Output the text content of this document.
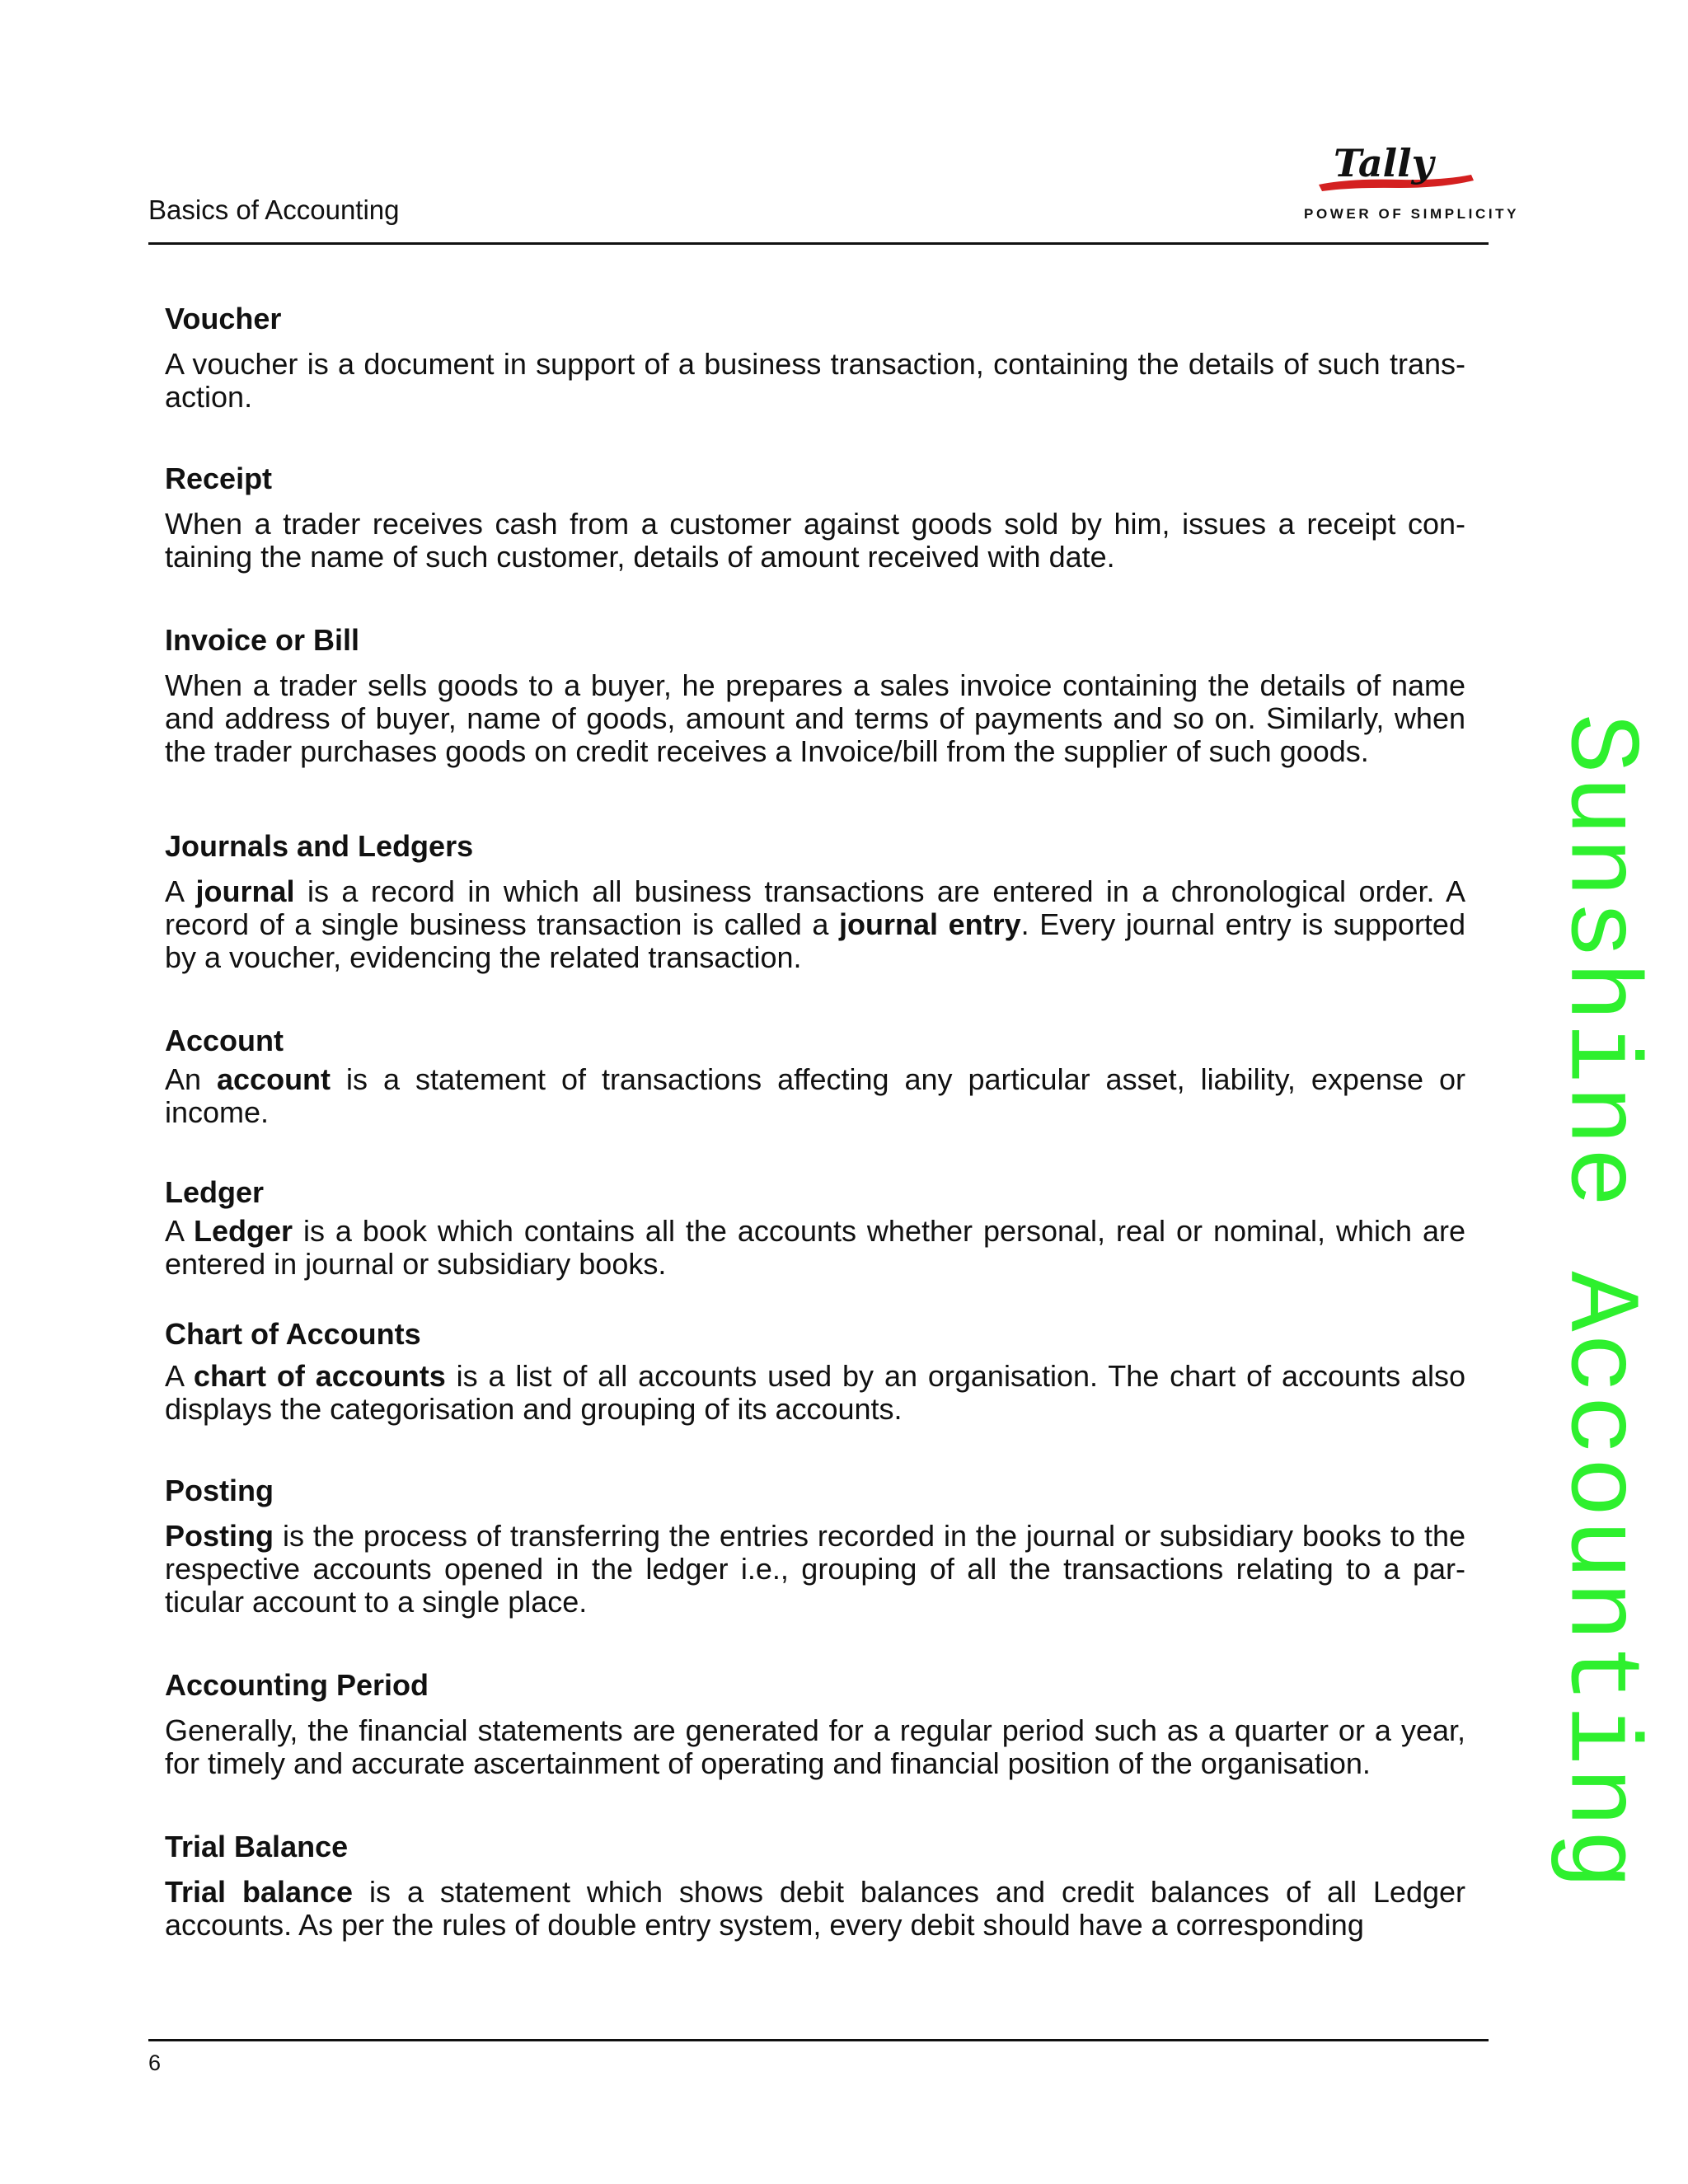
Basics of Accounting
Tally
POWER OF SIMPLICITY
Voucher

A voucher is a document in support of a business transaction, containing the details of such trans-action.

Receipt

When a trader receives cash from a customer against goods sold by him, issues a receipt con-taining the name of such customer, details of amount received with date.

Invoice or Bill

When a trader sells goods to a buyer, he prepares a sales invoice containing the details of name and address of buyer, name of goods, amount and terms of payments and so on. Similarly, when the trader purchases goods on credit receives a Invoice/bill from the supplier of such goods.

Journals and Ledgers

A journal is a record in which all business transactions are entered in a chronological order. A record of a single business transaction is called a journal entry. Every journal entry is supported by a voucher, evidencing the related transaction.

Account

An account is a statement of transactions affecting any particular asset, liability, expense or income.

Ledger

A Ledger is a book which contains all the accounts whether personal, real or nominal, which are entered in journal or subsidiary books.

Chart of Accounts

A chart of accounts is a list of all accounts used by an organisation. The chart of accounts also displays the categorisation and grouping of its accounts.

Posting

Posting is the process of transferring the entries recorded in the journal or subsidiary books to the respective accounts opened in the ledger i.e., grouping of all the transactions relating to a par-ticular account to a single place.

Accounting Period

Generally, the financial statements are generated for a regular period such as a quarter or a year, for timely and accurate ascertainment of operating and financial position of the organisation.

Trial Balance

Trial balance is a statement which shows debit balances and credit balances of all Ledger accounts. As per the rules of double entry system, every debit should have a corresponding

6
Sunshine Accounting
